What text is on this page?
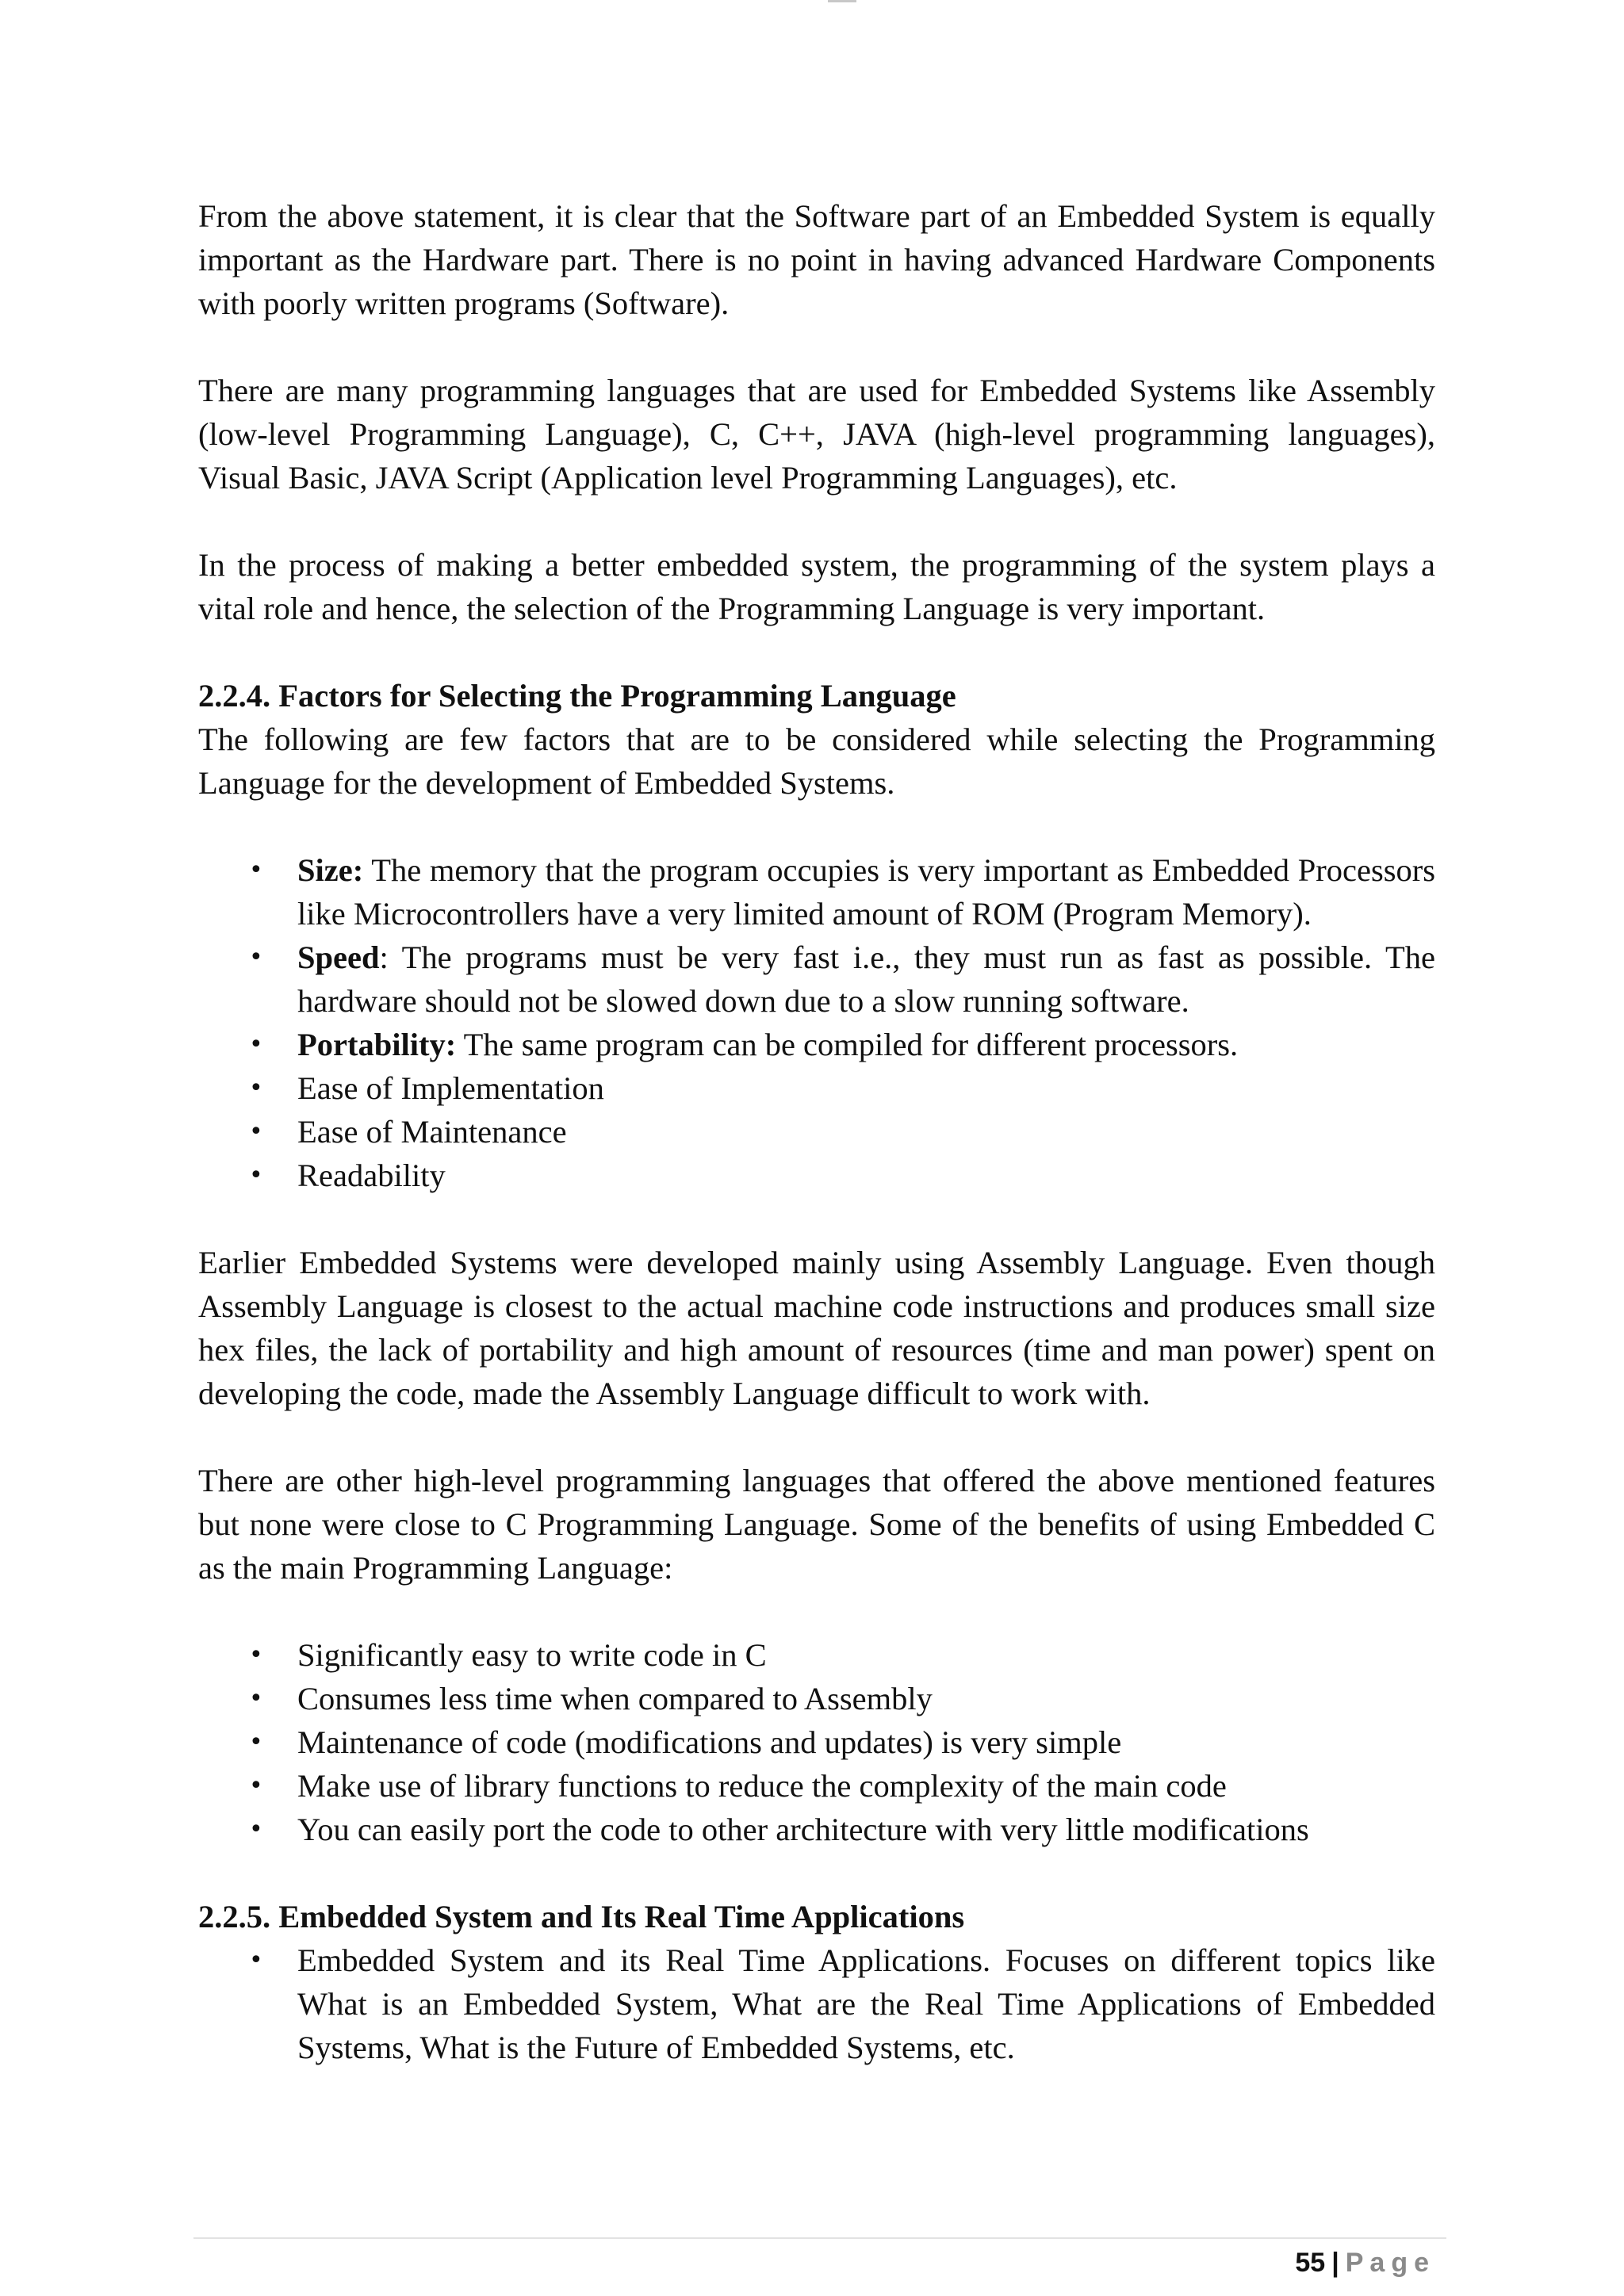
From the above statement, it is clear that the Software part of an Embedded System is equally important as the Hardware part. There is no point in having advanced Hardware Components with poorly written programs (Software).

There are many programming languages that are used for Embedded Systems like Assembly (low-level Programming Language), C, C++, JAVA (high-level programming languages), Visual Basic, JAVA Script (Application level Programming Languages), etc.

In the process of making a better embedded system, the programming of the system plays a vital role and hence, the selection of the Programming Language is very important.

2.2.4. Factors for Selecting the Programming Language

The following are few factors that are to be considered while selecting the Programming Language for the development of Embedded Systems.

• Size: The memory that the program occupies is very important as Embedded Processors like Microcontrollers have a very limited amount of ROM (Program Memory).
• Speed: The programs must be very fast i.e., they must run as fast as possible. The hardware should not be slowed down due to a slow running software.
• Portability: The same program can be compiled for different processors.
• Ease of Implementation
• Ease of Maintenance
• Readability

Earlier Embedded Systems were developed mainly using Assembly Language. Even though Assembly Language is closest to the actual machine code instructions and produces small size hex files, the lack of portability and high amount of resources (time and man power) spent on developing the code, made the Assembly Language difficult to work with.

There are other high-level programming languages that offered the above mentioned features but none were close to C Programming Language. Some of the benefits of using Embedded C as the main Programming Language:

• Significantly easy to write code in C
• Consumes less time when compared to Assembly
• Maintenance of code (modifications and updates) is very simple
• Make use of library functions to reduce the complexity of the main code
• You can easily port the code to other architecture with very little modifications
2.2.5. Embedded System and Its Real Time Applications
• Embedded System and its Real Time Applications. Focuses on different topics like What is an Embedded System, What are the Real Time Applications of Embedded Systems, What is the Future of Embedded Systems, etc.
55 | Page
